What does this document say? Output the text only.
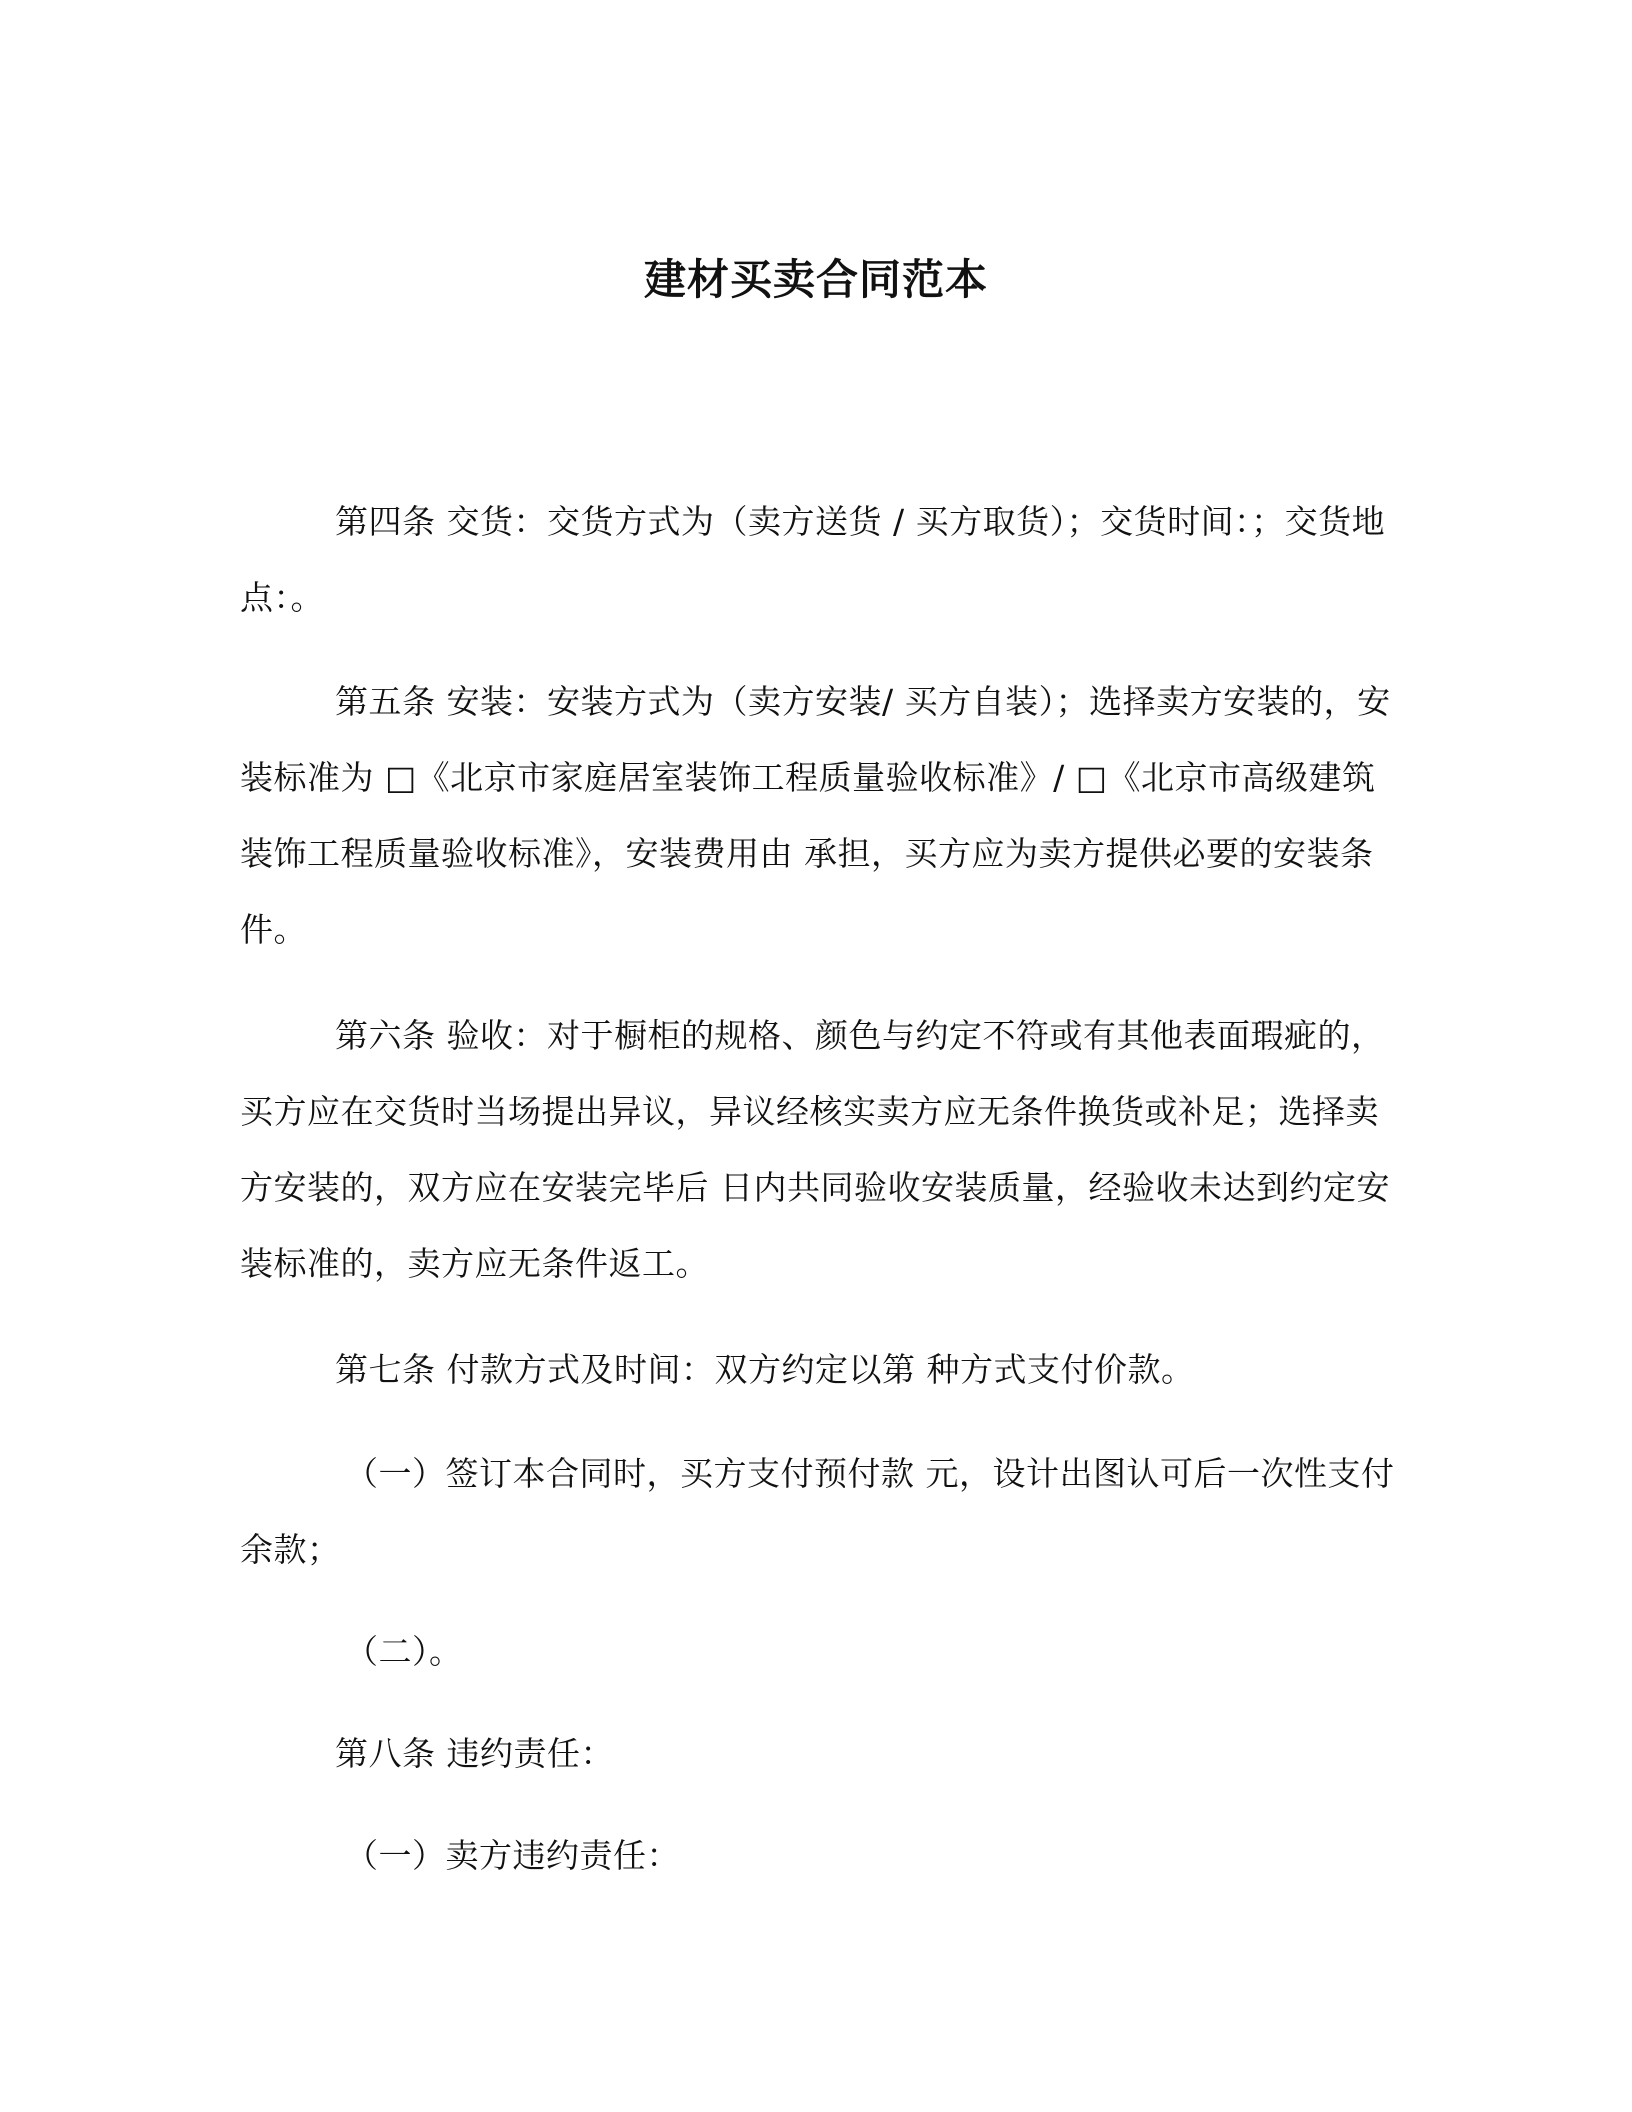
建材买卖合同范本

第四条 交货：交货方式为（卖方送货 / 买方取货）；交货时间：；交货地点：。

第五条 安装：安装方式为（卖方安装/ 买方自装）；选择卖方安装的，安装标准为 □《北京市家庭居室装饰工程质量验收标准》/ □《北京市高级建筑装饰工程质量验收标准》，安装费用由 承担，买方应为卖方提供必要的安装条件。

第六条 验收：对于橱柜的规格、颜色与约定不符或有其他表面瑕疵的，买方应在交货时当场提出异议，异议经核实卖方应无条件换货或补足；选择卖方安装的，双方应在安装完毕后 日内共同验收安装质量，经验收未达到约定安装标准的，卖方应无条件返工。

第七条 付款方式及时间：双方约定以第 种方式支付价款。

（一）签订本合同时，买方支付预付款 元，设计出图认可后一次性支付余款；

（二）。

第八条 违约责任：

（一）卖方违约责任：
